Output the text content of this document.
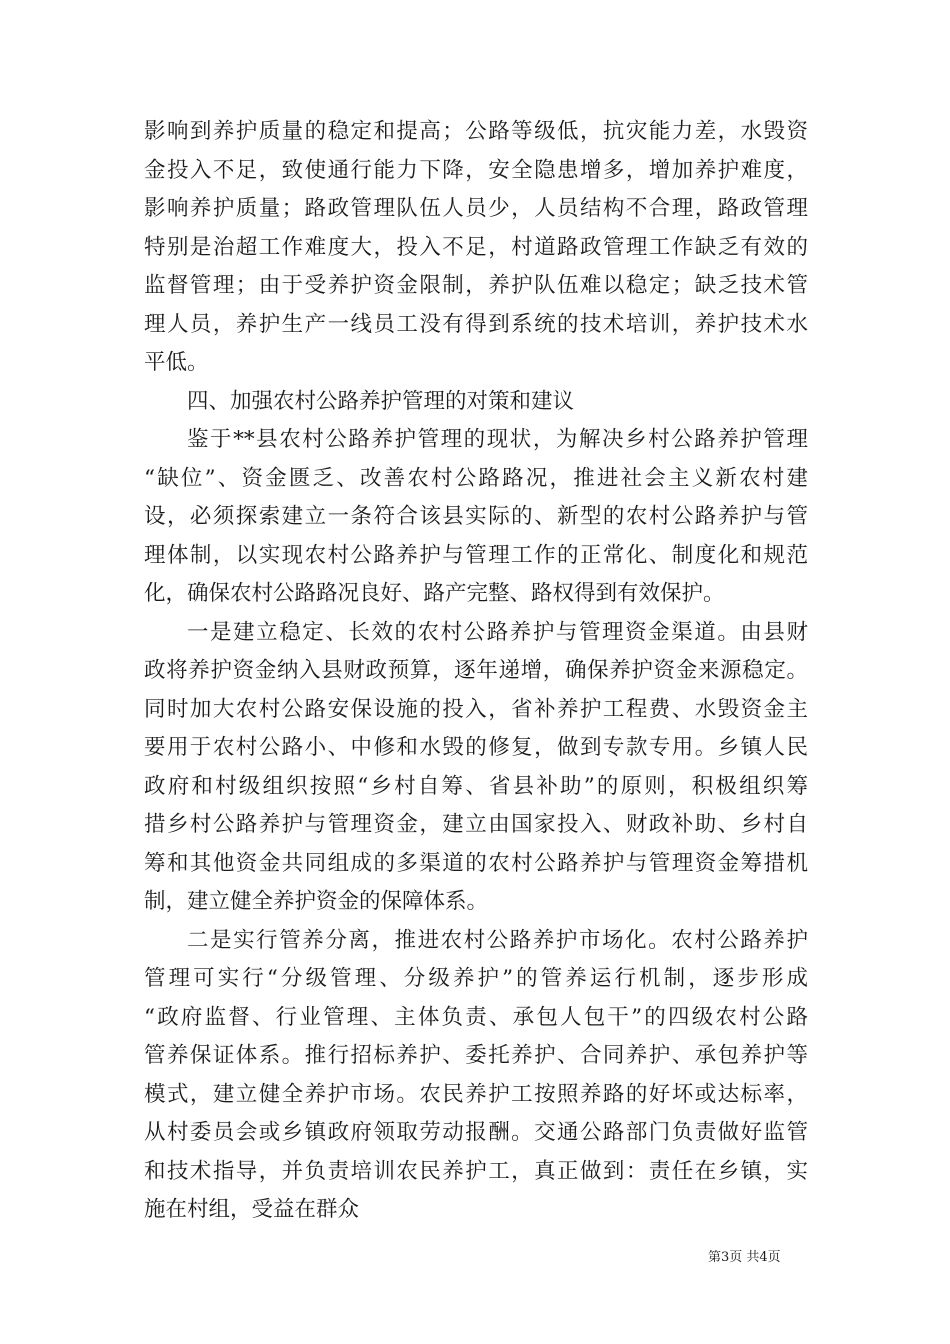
影响到养护质量的稳定和提高；公路等级低，抗灾能力差，水毁资
金投入不足，致使通行能力下降，安全隐患增多，增加养护难度，
影响养护质量；路政管理队伍人员少，人员结构不合理，路政管理
特别是治超工作难度大，投入不足，村道路政管理工作缺乏有效的
监督管理；由于受养护资金限制，养护队伍难以稳定；缺乏技术管
理人员，养护生产一线员工没有得到系统的技术培训，养护技术水
平低。
四、加强农村公路养护管理的对策和建议
鉴于**县农村公路养护管理的现状，为解决乡村公路养护管理
“缺位”、资金匮乏、改善农村公路路况，推进社会主义新农村建
设，必须探索建立一条符合该县实际的、新型的农村公路养护与管
理体制，以实现农村公路养护与管理工作的正常化、制度化和规范
化，确保农村公路路况良好、路产完整、路权得到有效保护。
一是建立稳定、长效的农村公路养护与管理资金渠道。由县财
政将养护资金纳入县财政预算，逐年递增，确保养护资金来源稳定。
同时加大农村公路安保设施的投入，省补养护工程费、水毁资金主
要用于农村公路小、中修和水毁的修复，做到专款专用。乡镇人民
政府和村级组织按照“乡村自筹、省县补助”的原则，积极组织筹
措乡村公路养护与管理资金，建立由国家投入、财政补助、乡村自
筹和其他资金共同组成的多渠道的农村公路养护与管理资金筹措机
制，建立健全养护资金的保障体系。
二是实行管养分离，推进农村公路养护市场化。农村公路养护
管理可实行“分级管理、分级养护”的管养运行机制，逐步形成
“政府监督、行业管理、主体负责、承包人包干”的四级农村公路
管养保证体系。推行招标养护、委托养护、合同养护、承包养护等
模式，建立健全养护市场。农民养护工按照养路的好坏或达标率，
从村委员会或乡镇政府领取劳动报酬。交通公路部门负责做好监管
和技术指导，并负责培训农民养护工，真正做到：责任在乡镇，实
施在村组，受益在群众
第3页 共4页
